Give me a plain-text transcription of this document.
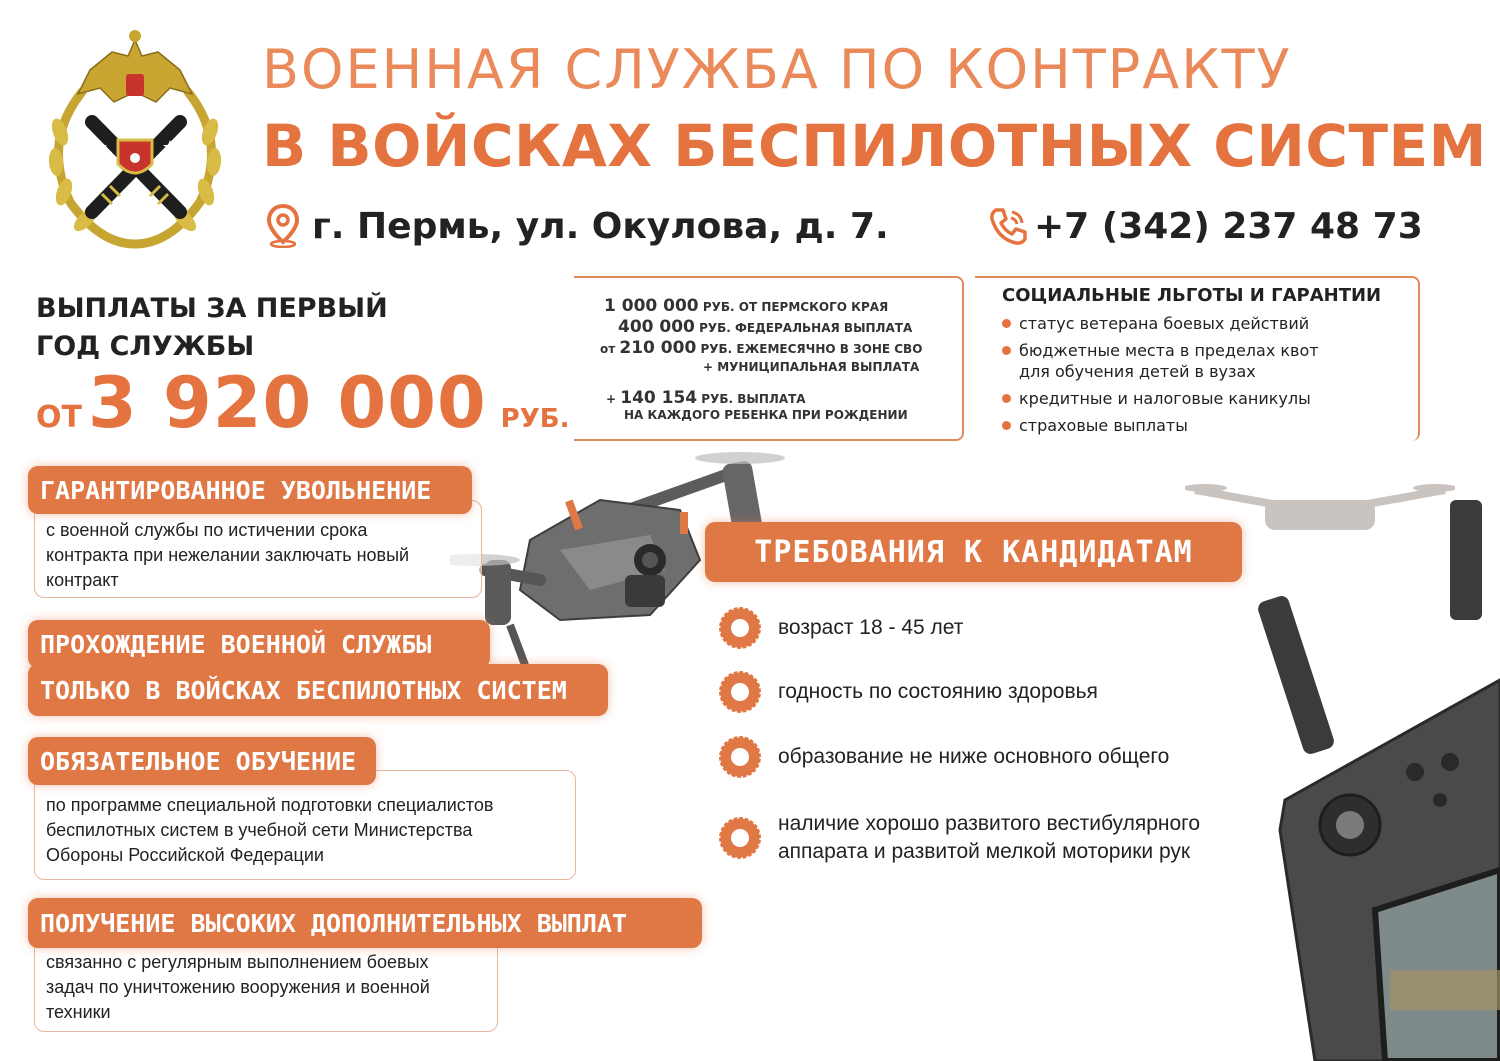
ВОЕННАЯ СЛУЖБА ПО КОНТРАКТУ
В ВОЙСКАХ БЕСПИЛОТНЫХ СИСТЕМ
г. Пермь, ул. Окулова, д. 7.	+7 (342) 237 48 73
ВЫПЛАТЫ ЗА ПЕРВЫЙ
ГОД СЛУЖБЫ
ОТ 3 920 000 РУБ.
1 000 000 РУБ. ОТ ПЕРМСКОГО КРАЯ
400 000 РУБ. ФЕДЕРАЛЬНАЯ ВЫПЛАТА
от 210 000 РУБ. ЕЖЕМЕСЯЧНО В ЗОНЕ СВО
+ МУНИЦИПАЛЬНАЯ ВЫПЛАТА
+ 140 154 РУБ. ВЫПЛАТА
НА КАЖДОГО РЕБЕНКА ПРИ РОЖДЕНИИ
СОЦИАЛЬНЫЕ ЛЬГОТЫ И ГАРАНТИИ
статус ветерана боевых действий
бюджетные места в пределах квот
для обучения детей в вузах
кредитные и налоговые каникулы
страховые выплаты
ГАРАНТИРОВАННОЕ УВОЛЬНЕНИЕ
с военной службы по истичении срока
контракта при нежелании заключать новый
контракт
ПРОХОЖДЕНИЕ ВОЕННОЙ СЛУЖБЫ
ТОЛЬКО В ВОЙСКАХ БЕСПИЛОТНЫХ СИСТЕМ
ОБЯЗАТЕЛЬНОЕ ОБУЧЕНИЕ
по программе специальной подготовки специалистов
беспилотных систем в учебной сети Министерства
Обороны Российской Федерации
ПОЛУЧЕНИЕ ВЫСОКИХ ДОПОЛНИТЕЛЬНЫХ ВЫПЛАТ
связанно с регулярным выполнением боевых
задач по уничтожению вооружения и военной
техники
ТРЕБОВАНИЯ К КАНДИДАТАМ
возраст 18 - 45 лет
годность по состоянию здоровья
образование не ниже основного общего
наличие хорошо развитого вестибулярного
аппарата и развитой мелкой моторики рук
